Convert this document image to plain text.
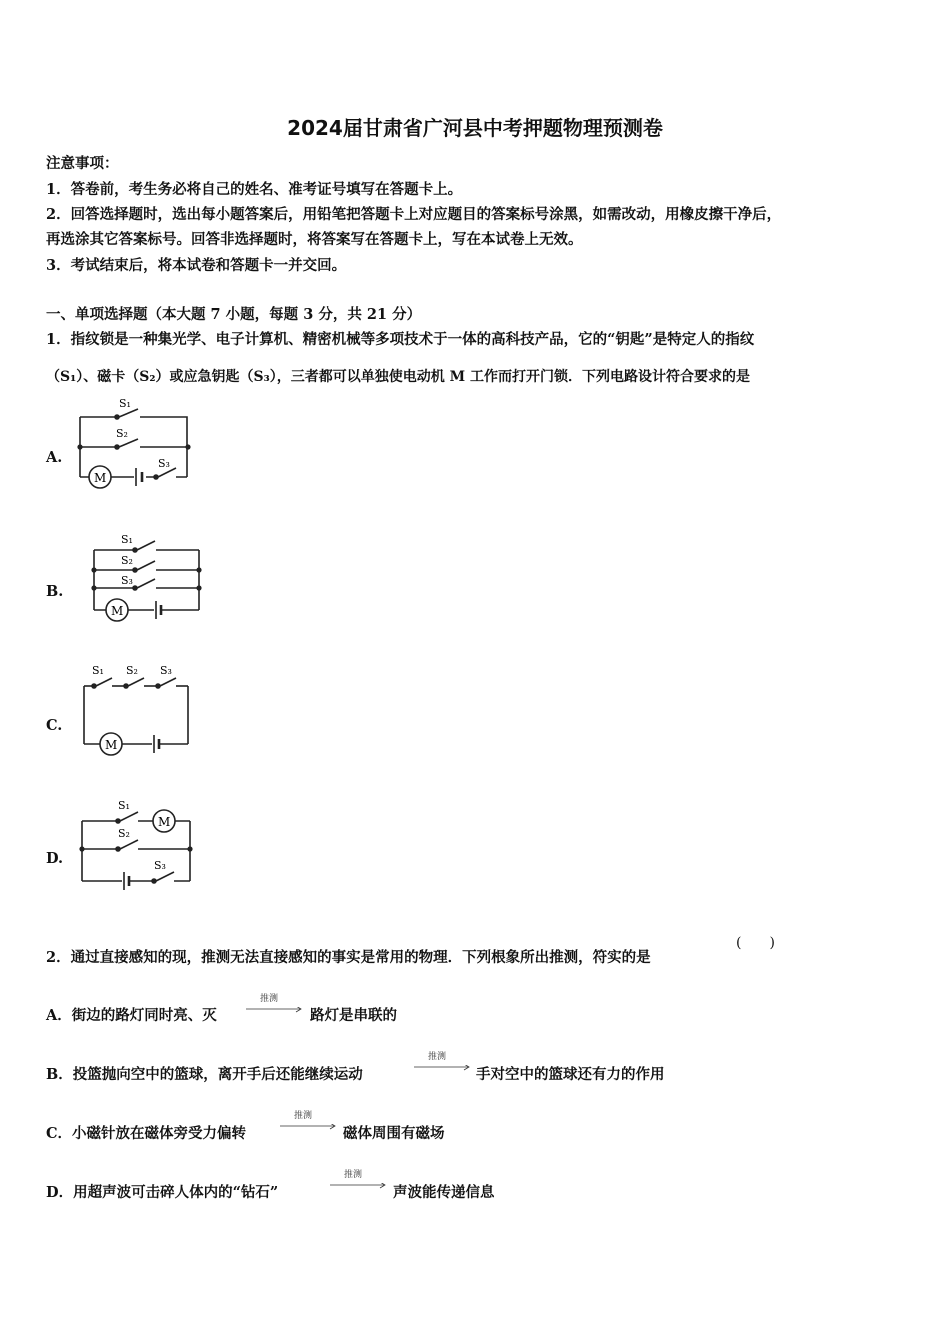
2024届甘肃省广河县中考押题物理预测卷
注意事项：
1．答卷前，考生务必将自己的姓名、准考证号填写在答题卡上。
2．回答选择题时，选出每小题答案后，用铅笔把答题卡上对应题目的答案标号涂黑，如需改动，用橡皮擦干净后，
再选涂其它答案标号。回答非选择题时，将答案写在答题卡上，写在本试卷上无效。
3．考试结束后，将本试卷和答题卡一并交回。
一、单项选择题（本大题 7 小题，每题 3 分，共 21 分）
1．指纹锁是一种集光学、电子计算机、精密机械等多项技术于一体的高科技产品，它的“钥匙”是特定人的指纹
（S₁）、磁卡（S₂）或应急钥匙（S₃），三者都可以单独使电动机 M 工作而打开门锁．下列电路设计符合要求的是
A.
S₁
S₂
S₃
M
B.
S₁
S₂
S₃
M
C.
S₁ S₂ S₃
M
D.
S₁
S₂
S₃
M
2．通过直接感知的现，推测无法直接感知的事实是常用的物理．下列根象所出推测，符实的是
(　　)
A．街边的路灯同时亮、灭
推测
路灯是串联的
B．投篮抛向空中的篮球，离开手后还能继续运动
推测
手对空中的篮球还有力的作用
C．小磁针放在磁体旁受力偏转
推测
磁体周围有磁场
D．用超声波可击碎人体内的“钻石”
推测
声波能传递信息
